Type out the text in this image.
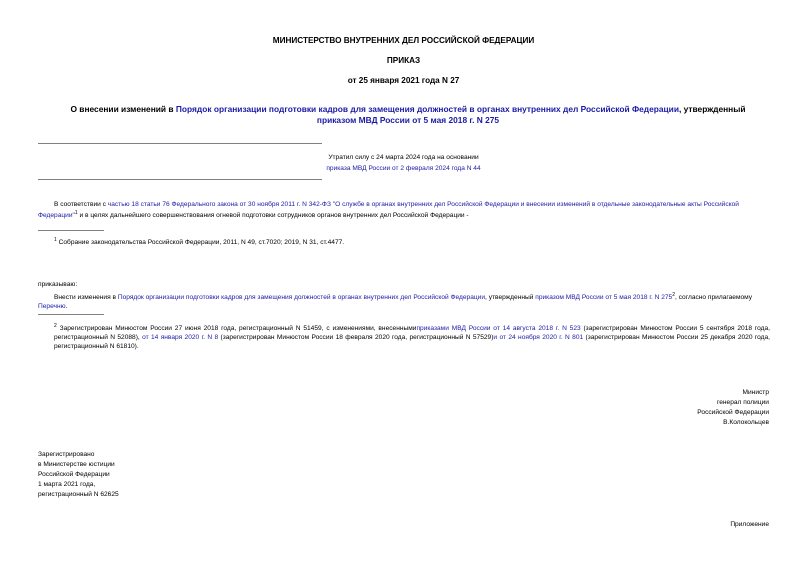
МИНИСТЕРСТВО ВНУТРЕННИХ ДЕЛ РОССИЙСКОЙ ФЕДЕРАЦИИ
ПРИКАЗ
от 25 января 2021 года N 27
О внесении изменений в Порядок организации подготовки кадров для замещения должностей в органах внутренних дел Российской Федерации, утвержденный
приказом МВД России от 5 мая 2018 г. N 275
Утратил силу с 24 марта 2024 года на основании
приказа МВД России от 2 февраля 2024 года N 44
В соответствии с частью 18 статьи 76 Федерального закона от 30 ноября 2011 г. N 342-ФЗ "О службе в органах внутренних дел Российской Федерации и внесении изменений в отдельные законодательные акты Российской Федерации"$^1$ и в целях дальнейшего совершенствования огневой подготовки сотрудников органов внутренних дел Российской Федерации -
$^1$ Собрание законодательства Российской Федерации, 2011, N 49, ст.7020; 2019, N 31, ст.4477.
приказываю:
Внести изменения в Порядок организации подготовки кадров для замещения должностей в органах внутренних дел Российской Федерации, утвержденный приказом МВД России от 5 мая 2018 г. N $275^2$, согласно прилагаемому Перечню.
$^2$ Зарегистрирован Минюстом России 27 июня 2018 года, регистрационный N 51459, с изменениями, внесеннымиприказами МВД России от 14 августа 2018 г. N 523 (зарегистрирован Минюстом России 5 сентября 2018 года, регистрационный N 52088), от 14 января 2020 г. N 8 (зарегистрирован Минюстом России 18 февраля 2020 года, регистрационный N 57529)и от 24 ноября 2020 г. N 801 (зарегистрирован Минюстом России 25 декабря 2020 года, регистрационный N 61810).
Министр
генерал полиции
Российской Федерации
В.Колокольцев
Зарегистрировано
в Министерстве юстиции
Российской Федерации
1 марта 2021 года,
регистрационный N 62625
Приложение
